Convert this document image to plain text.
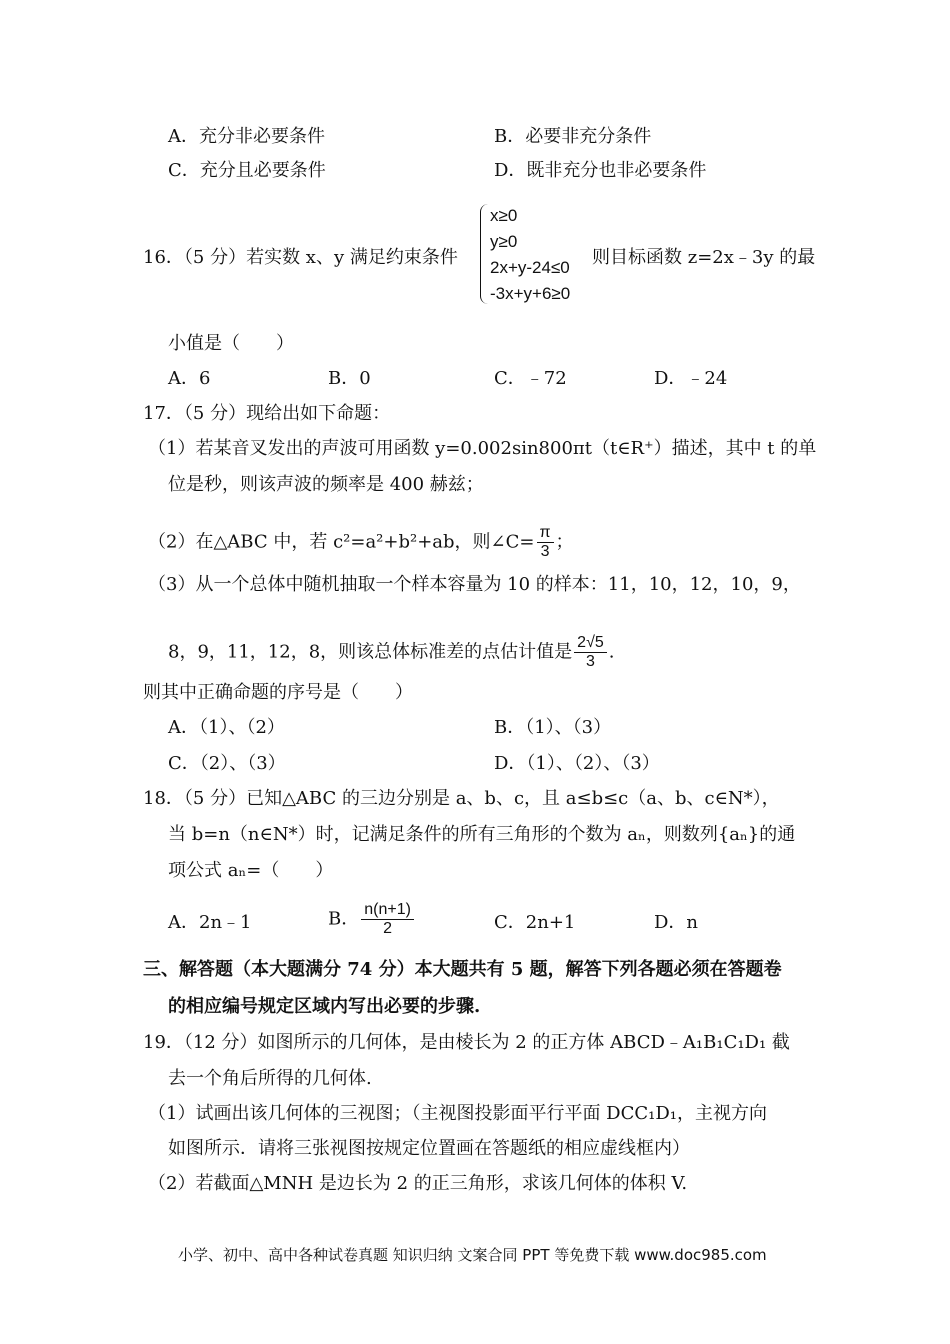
A．充分非必要条件	B．必要非充分条件
C．充分且必要条件	D．既非充分也非必要条件
16．（5 分）若实数 x、y 满足约束条件
x≥0
y≥0
2x+y-24≤0
-3x+y+6≥0
则目标函数 z=2x﹣3y 的最
小值是（　　）
A．6	B．0	C．﹣72	D．﹣24
17．（5 分）现给出如下命题：
（1）若某音叉发出的声波可用函数 y=0.002sin800πt（t∈R⁺）描述，其中 t 的单
位是秒，则该声波的频率是 400 赫兹；
（2）在△ABC 中，若 c²=a²+b²+ab，则∠C= $\frac{\pi}{3}$ ；
（3）从一个总体中随机抽取一个样本容量为 10 的样本：11，10，12，10，9，
8，9，11，12，8，则该总体标准差的点估计值是 $\frac{2√5}{3}$ .
则其中正确命题的序号是（　　）
A．（1）、（2）	B．（1）、（3）
C．（2）、（3）	D．（1）、（2）、（3）
18．（5 分）已知△ABC 的三边分别是 a、b、c，且 a≤b≤c（a、b、c∈N*），
当 b=n（n∈N*）时，记满足条件的所有三角形的个数为 aₙ，则数列{aₙ}的通
项公式 aₙ=（　　）
A．2n﹣1	B． $\frac{n(n+1)}{2}$	C．2n+1	D．n
三、解答题（本大题满分 74 分）本大题共有 5 题，解答下列各题必须在答题卷
的相应编号规定区域内写出必要的步骤.
19．（12 分）如图所示的几何体，是由棱长为 2 的正方体 ABCD﹣A₁B₁C₁D₁ 截
去一个角后所得的几何体.
（1）试画出该几何体的三视图；（主视图投影面平行平面 DCC₁D₁，主视方向
如图所示．请将三张视图按规定位置画在答题纸的相应虚线框内）
（2）若截面△MNH 是边长为 2 的正三角形，求该几何体的体积 V.
小学、初中、高中各种试卷真题 知识归纳 文案合同 PPT 等免费下载 www.doc985.com
